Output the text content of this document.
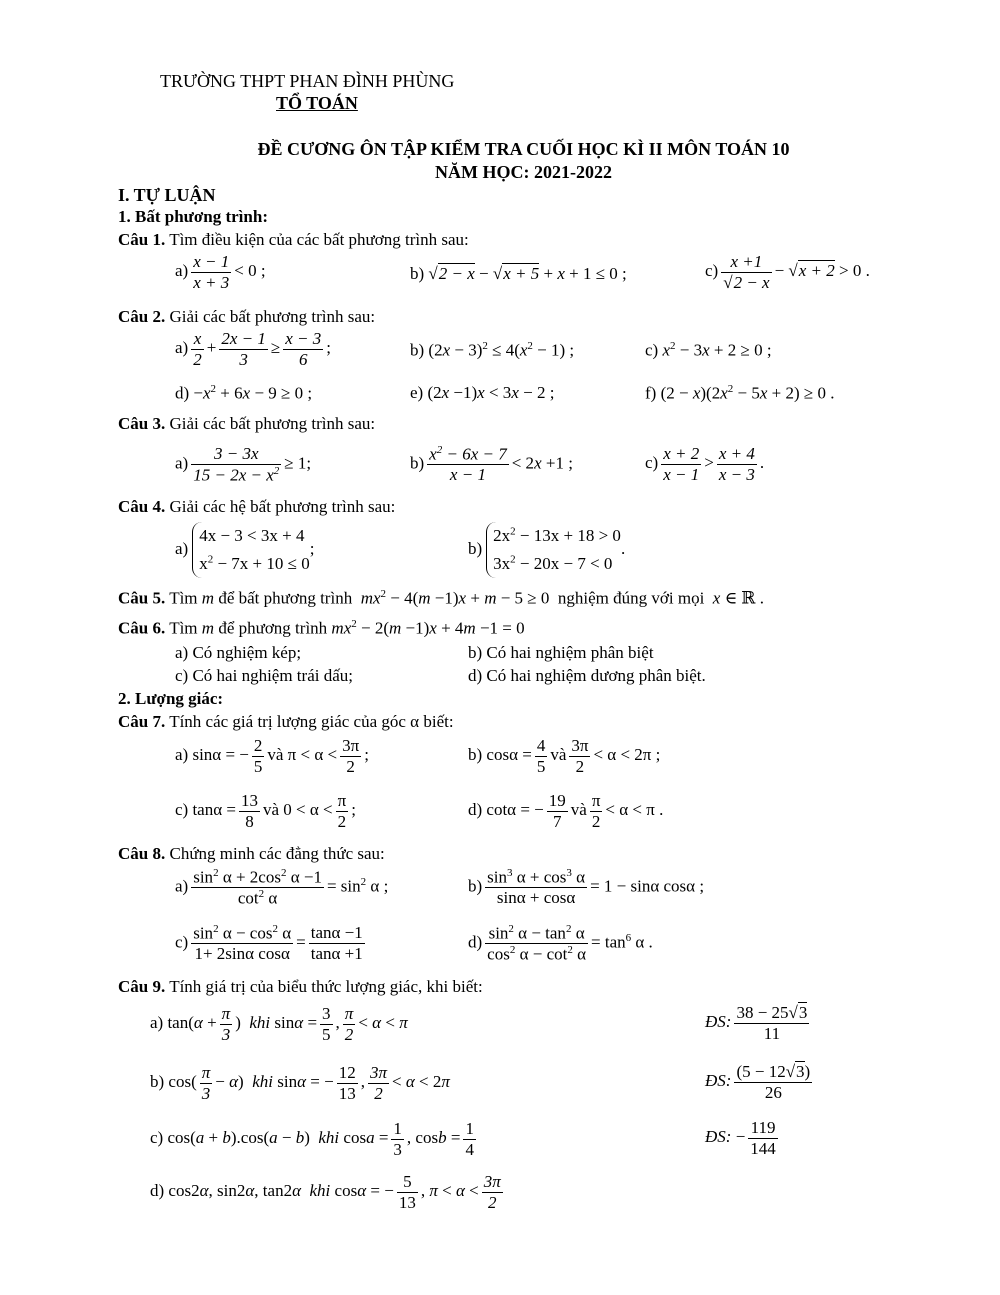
TRƯỜNG THPT PHAN ĐÌNH PHÙNG
TỔ TOÁN
ĐỀ CƯƠNG ÔN TẬP KIỂM TRA CUỐI HỌC KÌ II MÔN TOÁN 10
NĂM HỌC: 2021-2022
I. TỰ LUẬN
1. Bất phương trình:
Câu 1. Tìm điều kiện của các bất phương trình sau:
$a) \frac{x - 1}{x + 3} < 0$ ;	b) √2 − x − √x + 5 + x + 1 ≤ 0 ;	$c) \frac{x +1}{√2 - x} - √x + 2 > 0$ .
Câu 2. Giải các bất phương trình sau:
$a) \frac{x}{2} + \frac{2x - 1}{3} \ge \frac{x - 3}{6}$ ;	b) $(2x - 3)^2 \le 4(x^2 - 1)$ ;	c) $x^2 - 3x + 2 \ge 0$ ;
$d) -x^2 + 6x - 9 \ge 0$ ;	e) (2x −1)x < 3x − 2 ;	f) $(2 - x)(2x^2 - 5x + 2) \ge 0$ .
Câu 3. Giải các bất phương trình sau:
$a) \frac{3 - 3x}{15 - 2x - x^2} \ge 1$;	$b) \frac{x^2 - 6x - 7}{x - 1} < 2x +1$ ;	$c) \frac{x + 2}{x - 1} > \frac{x + 4}{x - 3}$ .
Câu 4. Giải các hệ bất phương trình sau:
a)
4x − 3 < 3x + 4
$x^2 - 7x + 10 \le 0$
;	b)
$2x^2 - 13x + 18 > 0$
$3x^2 - 20x - 7 < 0$
.
Câu 5. Tìm m để bất phương trình $mx^2 - 4(m -1)x + m - 5 \ge 0$  nghiệm đúng với mọi x ∈ ℝ .
Câu 6. Tìm m để phương trình $mx^2 - 2(m -1)x + 4m -1 = 0$
a) Có nghiệm kép;	b) Có hai nghiệm phân biệt
c) Có hai nghiệm trái dấu;	d) Có hai nghiệm dương phân biệt.
2. Lượng giác:
Câu 7. Tính các giá trị lượng giác của góc α biết:
a) sinα = − $\frac{2}{5}$ và $\pi < \alpha < \frac{3\pi}{2}$ ;	b) $\cos\alpha = \frac{4}{5}$ và $\frac{3\pi}{2} < \alpha < 2\pi$ ;
c) $\tan\alpha = \frac{13}{8}$ và $0 < \alpha < \frac{\pi}{2}$ ;	d) cotα = − $\frac{19}{7}$ và $\frac{\pi}{2} < \alpha < \pi$ .
Câu 8. Chứng minh các đẳng thức sau:
$a) \frac{\sin^2 \alpha + 2\cos^2 \alpha -1}{\cot^2 \alpha} = \sin^2 \alpha$ ;	$b) \frac{\sin^3 \alpha + \cos^3 \alpha}{\sin\alpha + \cos\alpha} = 1 - \sin\alpha$ cosα ;
$c) \frac{\sin^2 \alpha - \cos^2 \alpha}{\text{1+ 2sinα cosα}} = \frac{\tan\alpha -1}{\tan\alpha +1}$	$d) \frac{\sin^2 \alpha - \tan^2 \alpha}{\cos^2 \alpha - \cot^2 \alpha} = \tan^6 \alpha$ .
Câu 9. Tính giá trị của biểu thức lượng giác, khi biết:
a) $\tan(\alpha + \frac{\pi}{3}$ )  khi $\sin\alpha = \frac{3}{5}$ , $\frac{\pi}{2} < \alpha < \pi$	ĐS: $\frac{38 - 25√3}{11}$
b) $\cos( \frac{\pi}{3} - \alpha)$  khi sinα = − $\frac{12}{13}$ , $\frac{3\pi}{2} < \alpha < 2\pi$	ĐS: $\frac{(5 - 12√3)}{26}$
c) cos(a + b).cos(a − b)  khi $\cos a = \frac{1}{3}$ , $\cos b = \frac{1}{4}$	ĐS: − $\frac{119}{144}$
d) cos2α, sin2α, tan2α khi cosα = − $\frac{5}{13}$ , $\pi < \alpha < \frac{3\pi}{2}$
